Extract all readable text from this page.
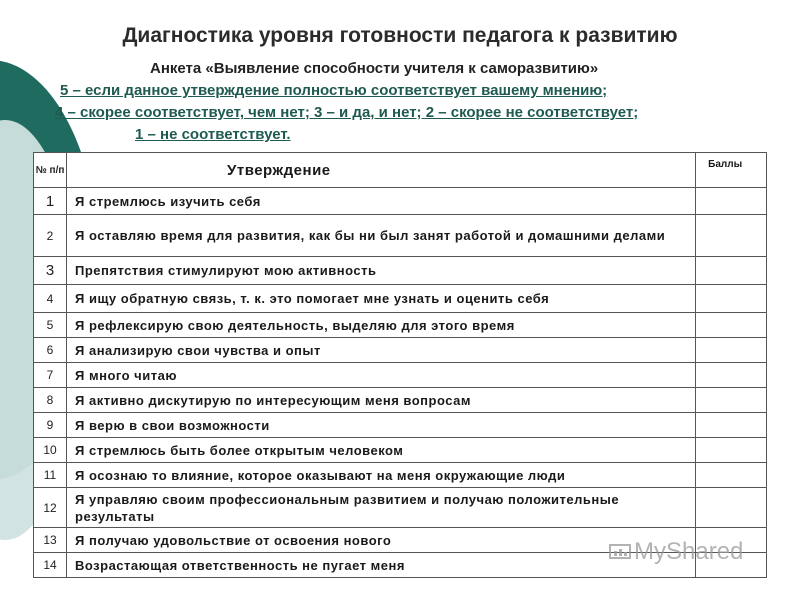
Диагностика уровня готовности педагога к развитию
Анкета «Выявление способности учителя к саморазвитию»
5 – если данное утверждение полностью соответствует вашему мнению;
4 – скорее соответствует, чем нет; 3 – и да, и нет; 2 – скорее не соответствует;
1 – не соответствует.
№ п/п	Утверждение	Баллы
1	Я стремлюсь изучить себя	
2	Я оставляю время для развития, как бы ни был занят работой и домашними делами	
3	Препятствия стимулируют мою активность	
4	Я ищу обратную связь, т. к. это помогает мне узнать и оценить себя	
5	Я рефлексирую свою деятельность, выделяю для этого время	
6	Я анализирую свои чувства и опыт	
7	Я много читаю	
8	Я активно дискутирую по интересующим меня вопросам	
9	Я верю в свои возможности	
10	Я стремлюсь быть более открытым человеком	
11	Я осознаю то влияние, которое оказывают на меня окружающие люди	
12	Я управляю своим профессиональным развитием и получаю положительные результаты	
13	Я получаю удовольствие от освоения нового	
14	Возрастающая ответственность не пугает меня		MyShared
